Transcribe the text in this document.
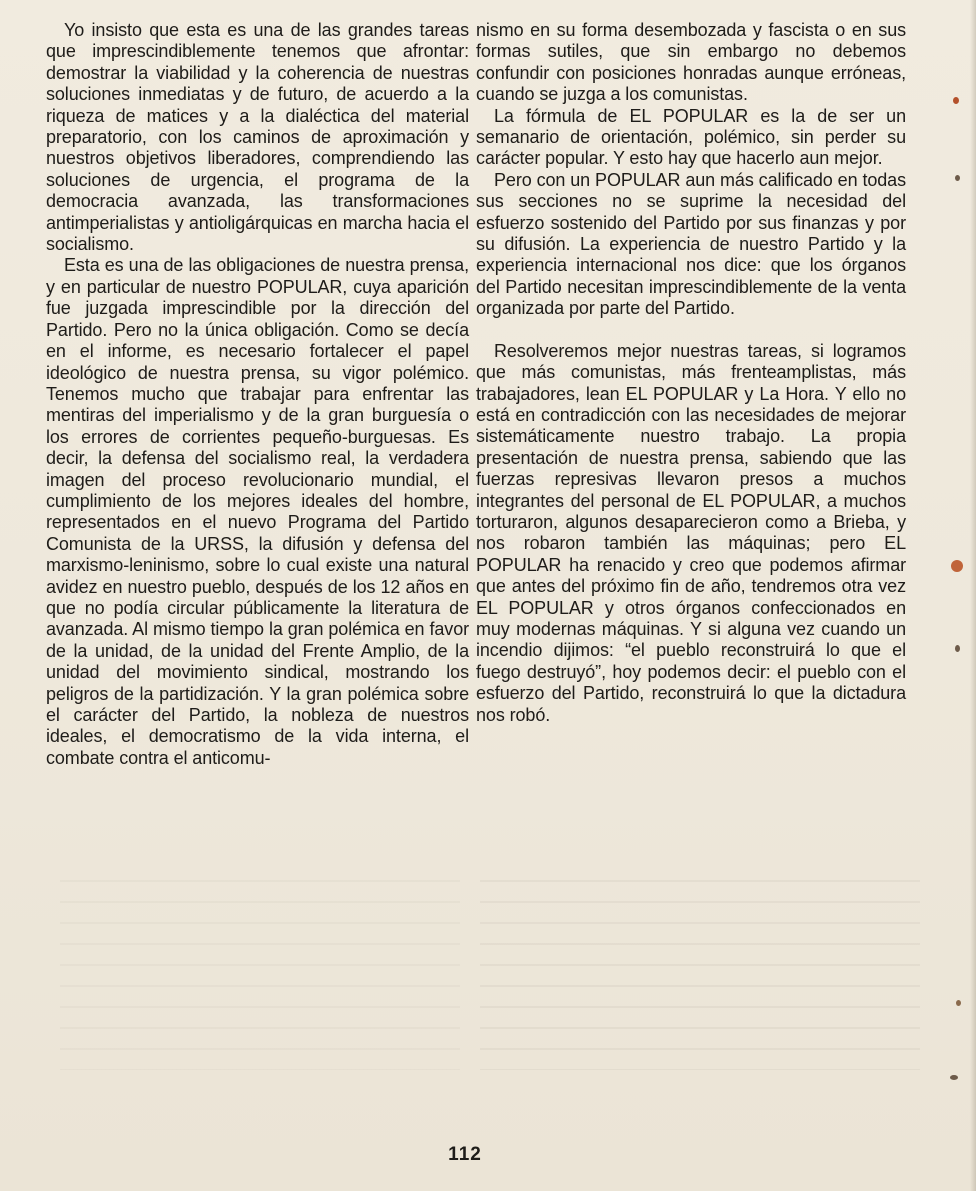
Yo insisto que esta es una de las grandes tareas que imprescindiblemente tenemos que afrontar: demostrar la viabilidad y la coherencia de nuestras soluciones inmediatas y de futuro, de acuerdo a la riqueza de matices y a la dialéctica del material preparatorio, con los caminos de aproximación y nuestros objetivos liberadores, comprendiendo las soluciones de urgencia, el programa de la democracia avanzada, las transformaciones antimperialistas y antioligárquicas en marcha hacia el socialismo.

Esta es una de las obligaciones de nuestra prensa, y en particular de nuestro POPULAR, cuya aparición fue juzgada imprescindible por la dirección del Partido. Pero no la única obligación. Como se decía en el informe, es necesario fortalecer el papel ideológico de nuestra prensa, su vigor polémico. Tenemos mucho que trabajar para enfrentar las mentiras del imperialismo y de la gran burguesía o los errores de corrientes pequeño-burguesas. Es decir, la defensa del socialismo real, la verdadera imagen del proceso revolucionario mundial, el cumplimiento de los mejores ideales del hombre, representados en el nuevo Programa del Partido Comunista de la URSS, la difusión y defensa del marxismo-leninismo, sobre lo cual existe una natural avidez en nuestro pueblo, después de los 12 años en que no podía circular públicamente la literatura de avanzada. Al mismo tiempo la gran polémica en favor de la unidad, de la unidad del Frente Amplio, de la unidad del movimiento sindical, mostrando los peligros de la partidización. Y la gran polémica sobre el carácter del Partido, la nobleza de nuestros ideales, el democratismo de la vida interna, el combate contra el anticomu-

nismo en su forma desembozada y fascista o en sus formas sutiles, que sin embargo no debemos confundir con posiciones honradas aunque erróneas, cuando se juzga a los comunistas.

La fórmula de EL POPULAR es la de ser un semanario de orientación, polémico, sin perder su carácter popular. Y esto hay que hacerlo aun mejor.

Pero con un POPULAR aun más calificado en todas sus secciones no se suprime la necesidad del esfuerzo sostenido del Partido por sus finanzas y por su difusión. La experiencia de nuestro Partido y la experiencia internacional nos dice: que los órganos del Partido necesitan imprescindiblemente de la venta organizada por parte del Partido.

Resolveremos mejor nuestras tareas, si logramos que más comunistas, más frenteamplistas, más trabajadores, lean EL POPULAR y La Hora. Y ello no está en contradicción con las necesidades de mejorar sistemáticamente nuestro trabajo. La propia presentación de nuestra prensa, sabiendo que las fuerzas represivas llevaron presos a muchos integrantes del personal de EL POPULAR, a muchos torturaron, algunos desaparecieron como a Brieba, y nos robaron también las máquinas; pero EL POPULAR ha renacido y creo que podemos afirmar que antes del próximo fin de año, tendremos otra vez EL POPULAR y otros órganos confeccionados en muy modernas máquinas. Y si alguna vez cuando un incendio dijimos: “el pueblo reconstruirá lo que el fuego destruyó”, hoy podemos decir: el pueblo con el esfuerzo del Partido, reconstruirá lo que la dictadura nos robó.

112
